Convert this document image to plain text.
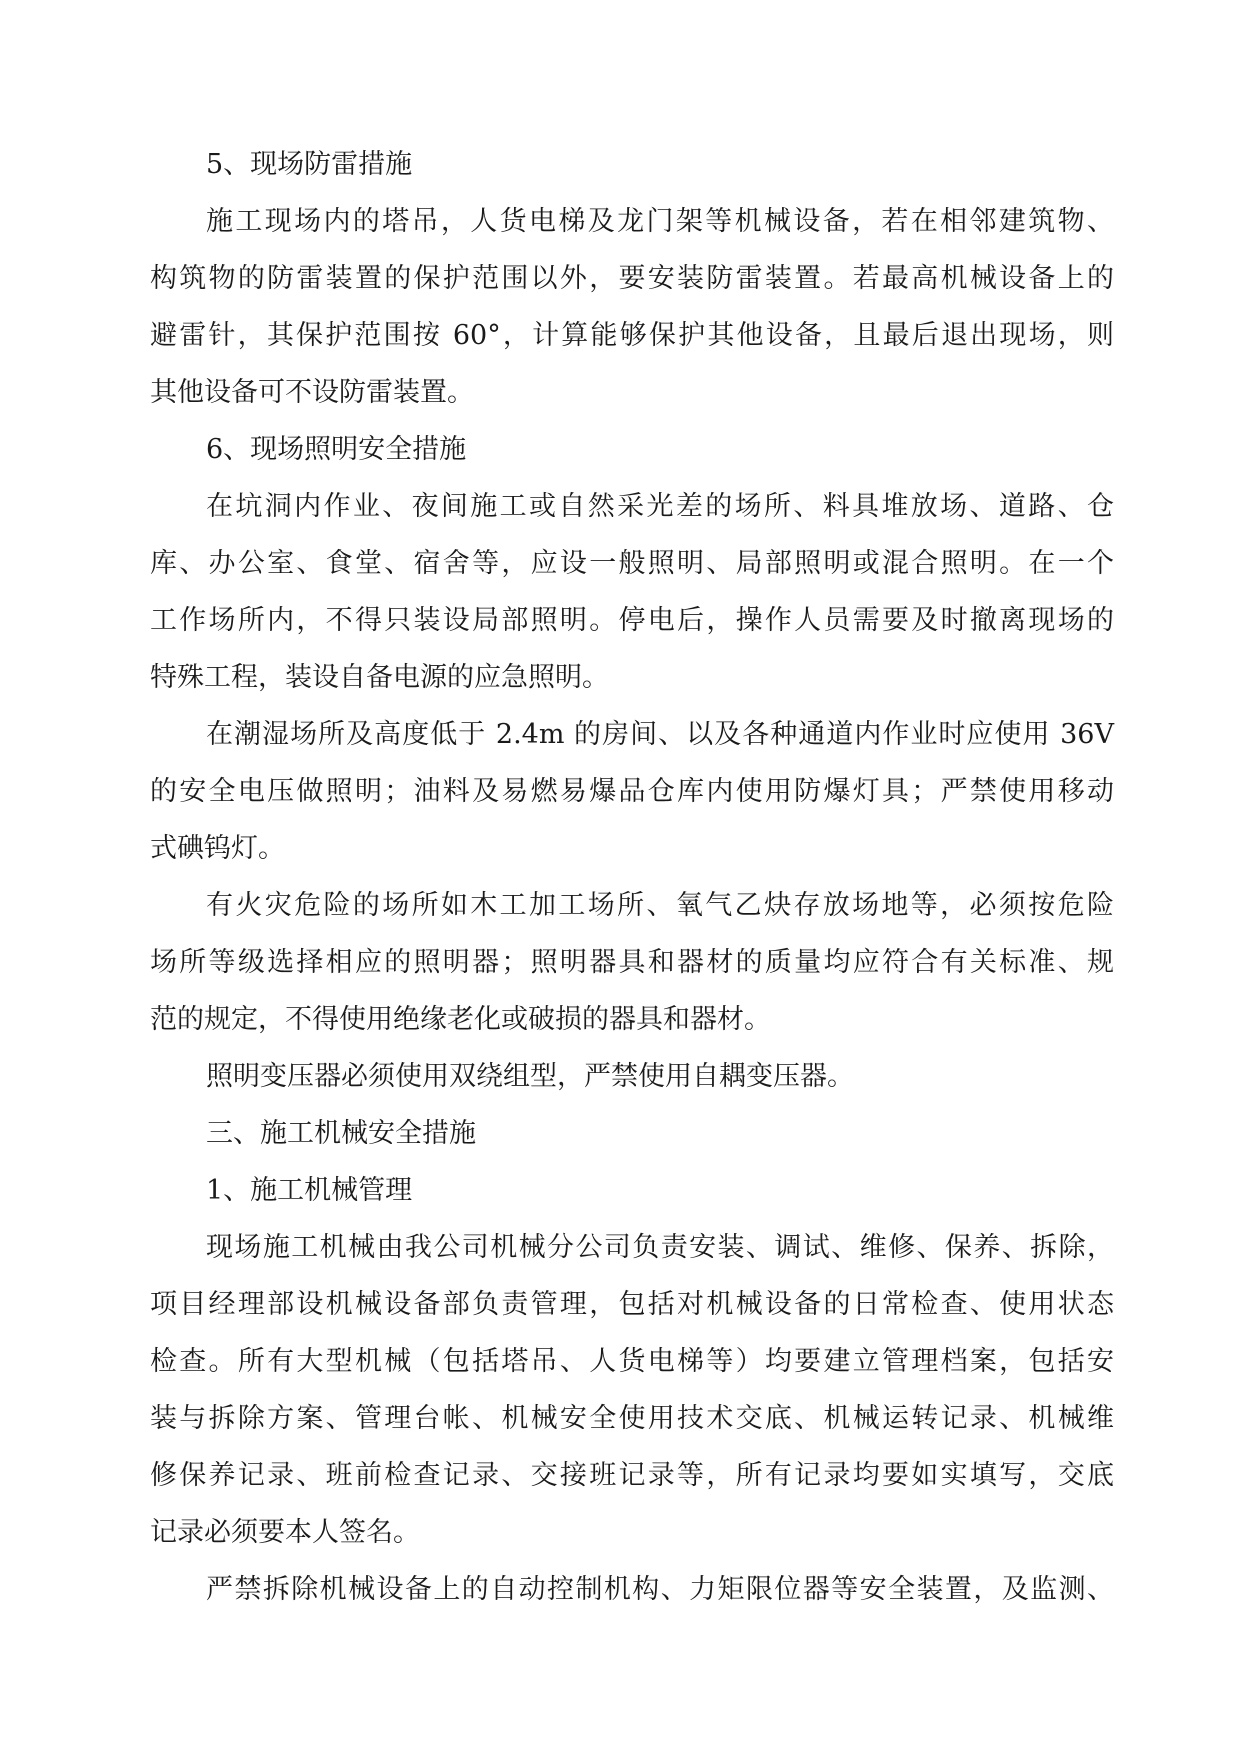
5、现场防雷措施
施工现场内的塔吊，人货电梯及龙门架等机械设备，若在相邻建筑物、
构筑物的防雷装置的保护范围以外，要安装防雷装置。若最高机械设备上的
避雷针，其保护范围按 60°，计算能够保护其他设备，且最后退出现场，则
其他设备可不设防雷装置。
6、现场照明安全措施
在坑洞内作业、夜间施工或自然采光差的场所、料具堆放场、道路、仓
库、办公室、食堂、宿舍等，应设一般照明、局部照明或混合照明。在一个
工作场所内，不得只装设局部照明。停电后，操作人员需要及时撤离现场的
特殊工程，装设自备电源的应急照明。
在潮湿场所及高度低于 2.4m 的房间、以及各种通道内作业时应使用 36V
的安全电压做照明；油料及易燃易爆品仓库内使用防爆灯具；严禁使用移动
式碘钨灯。
有火灾危险的场所如木工加工场所、氧气乙炔存放场地等，必须按危险
场所等级选择相应的照明器；照明器具和器材的质量均应符合有关标准、规
范的规定，不得使用绝缘老化或破损的器具和器材。
照明变压器必须使用双绕组型，严禁使用自耦变压器。
三、施工机械安全措施
1、施工机械管理
现场施工机械由我公司机械分公司负责安装、调试、维修、保养、拆除，
项目经理部设机械设备部负责管理，包括对机械设备的日常检查、使用状态
检查。所有大型机械（包括塔吊、人货电梯等）均要建立管理档案，包括安
装与拆除方案、管理台帐、机械安全使用技术交底、机械运转记录、机械维
修保养记录、班前检查记录、交接班记录等，所有记录均要如实填写，交底
记录必须要本人签名。
严禁拆除机械设备上的自动控制机构、力矩限位器等安全装置，及监测、
